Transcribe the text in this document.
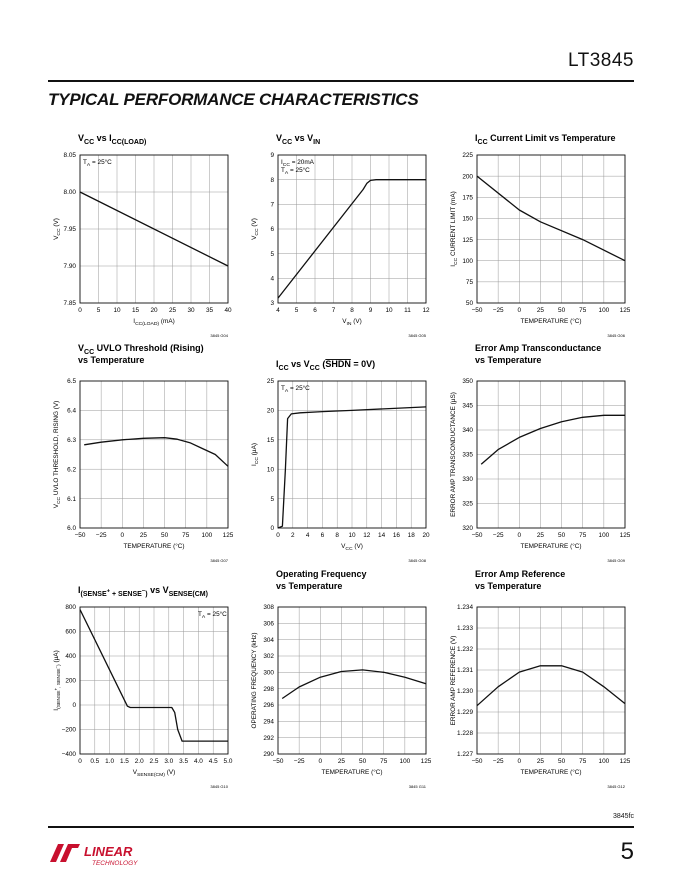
LT3845
TYPICAL PERFORMANCE CHARACTERISTICS
0 5 10 15 20 25 30 35 40
7.85
7.90
7.95
8.00
8.05
VCC vs ICC(LOAD)
ICC(LOAD) (mA)
VCC (V)
3845 G04
TA = 25°C
4 5 6 7 8 9 10 11 12
3
4
5
6
7
8
9
VCC vs VIN
VIN (V)
VCC (V)
3845 G05
ICC = 20mA
TA = 25°C
−50 −25 0 25 50 75 100 125
50
75
100
125
150
175
200
225
ICC Current Limit vs Temperature
TEMPERATURE (°C)
ICC CURRENT LIMIT (mA)
3845 G06
−50 −25 0 25 50 75 100 125
6.0
6.1
6.2
6.3
6.4
6.5
VCC UVLO Threshold (Rising)
vs Temperature
TEMPERATURE (°C)
VCC UVLO THRESHOLD, RISING (V)
3845 G07
0 2 4 6 8 10 12 14 16 18 20
0
5
10
15
20
25
ICC vs VCC (SHDN = 0V)
VCC (V)
ICC (µA)
3845 G08
TA = 25°C
−50 −25 0 25 50 75 100 125
320
325
330
335
340
345
350
Error Amp Transconductance
vs Temperature
TEMPERATURE (°C)
ERROR AMP TRANSCONDUCTANCE (µS)
3845 G09
0 0.5 1.0 1.5 2.0 2.5 3.0 3.5 4.0 4.5 5.0
−400
−200
0
200
400
600
800
I(SENSE+ $_{+ SENSE}$−$_)$ vs VSENSE(CM)
VSENSE(CM) (V)
I(SENSE+, SENSE−) (µA)
3845 G10
TA = 25°C
−50 −25 0 25 50 75 100 125
290
292
294
296
298
300
302
304
306
308
Operating Frequency
vs Temperature
TEMPERATURE (°C)
OPERATING FREQUENCY (kHz)
3845 G11
−50 −25 0 25 50 75 100 125
1.227
1.228
1.229
1.230
1.231
1.232
1.233
1.234
Error Amp Reference
vs Temperature
TEMPERATURE (°C)
ERROR AMP REFERENCE (V)
3845 G12
3845fc
LINEAR
TECHNOLOGY	5
